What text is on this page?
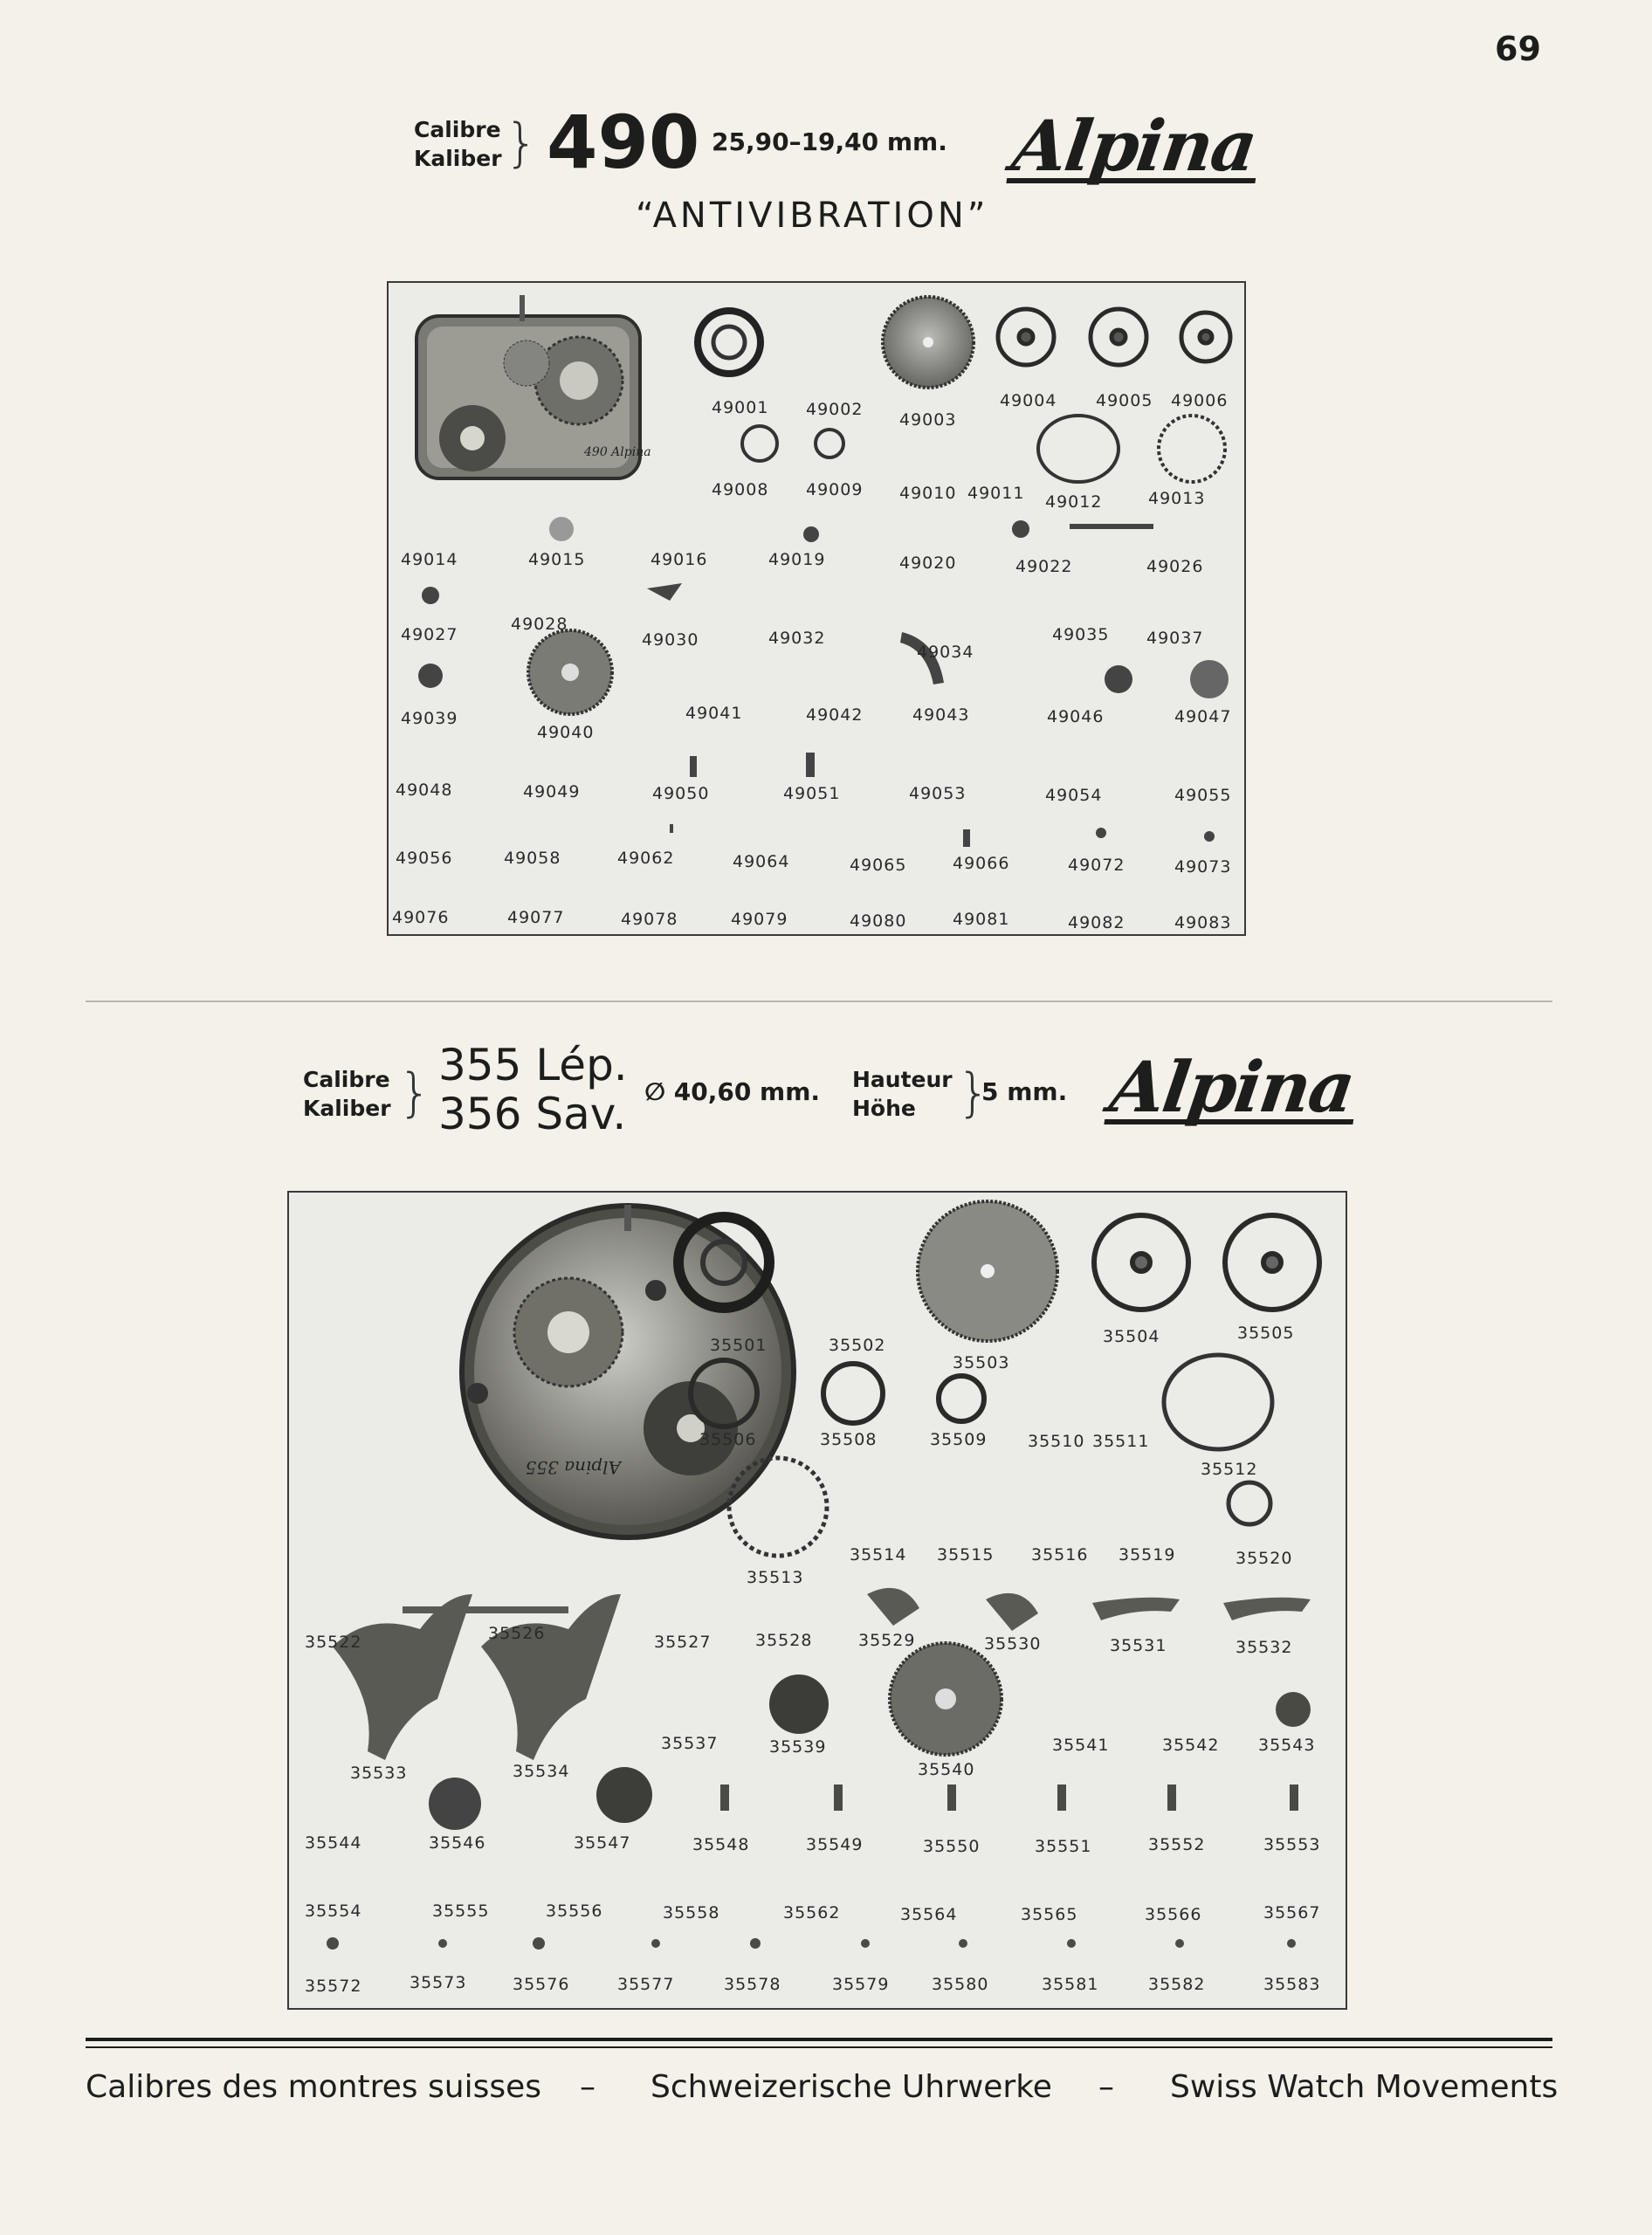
69
Calibre
Kaliber } 490 25,90–19,40 mm. Alpina
“ANTIVIBRATION”
490 Alpina
49001 49002
49003
49004 49005 49006
49008 49009 49010 49011 49012	49013
49014	49015	49016	49019	49020	49022	49026
49027
49028
49030	49032
49034
49035 49037
49039
49040
49041	49042	49043	49046	49047
49048	49049	49050	49051	49053	49054	49055
49056	49058	49062	49064	49065	49066	49072	49073
49076	49077	49078	49079	49080	49081	49082	49083
Calibre
Kaliber } 355 Lép.
356 Sav. ∅ 40,60 mm. Hauteur
Höhe }
5 mm. Alpina
Alpina 355
35501	35502
35503
35504	35505
35506	35508	35509 35510 35511
35512
35513
35514 35515 35516 35519	35520
35522	35526	35527	35528	35529	35530	35531	35532
35533	35534
35537	35539
35540
35541	35542 35543
35544	35546	35547	35548	35549	35550	35551	35552	35553
35554	35555	35556	35558	35562	35564	35565	35566	35567
35572	35573	35576	35577	35578	35579	35580	35581	35582	35583
Calibres des montres suisses – Schweizerische Uhrwerke – Swiss Watch Movements
